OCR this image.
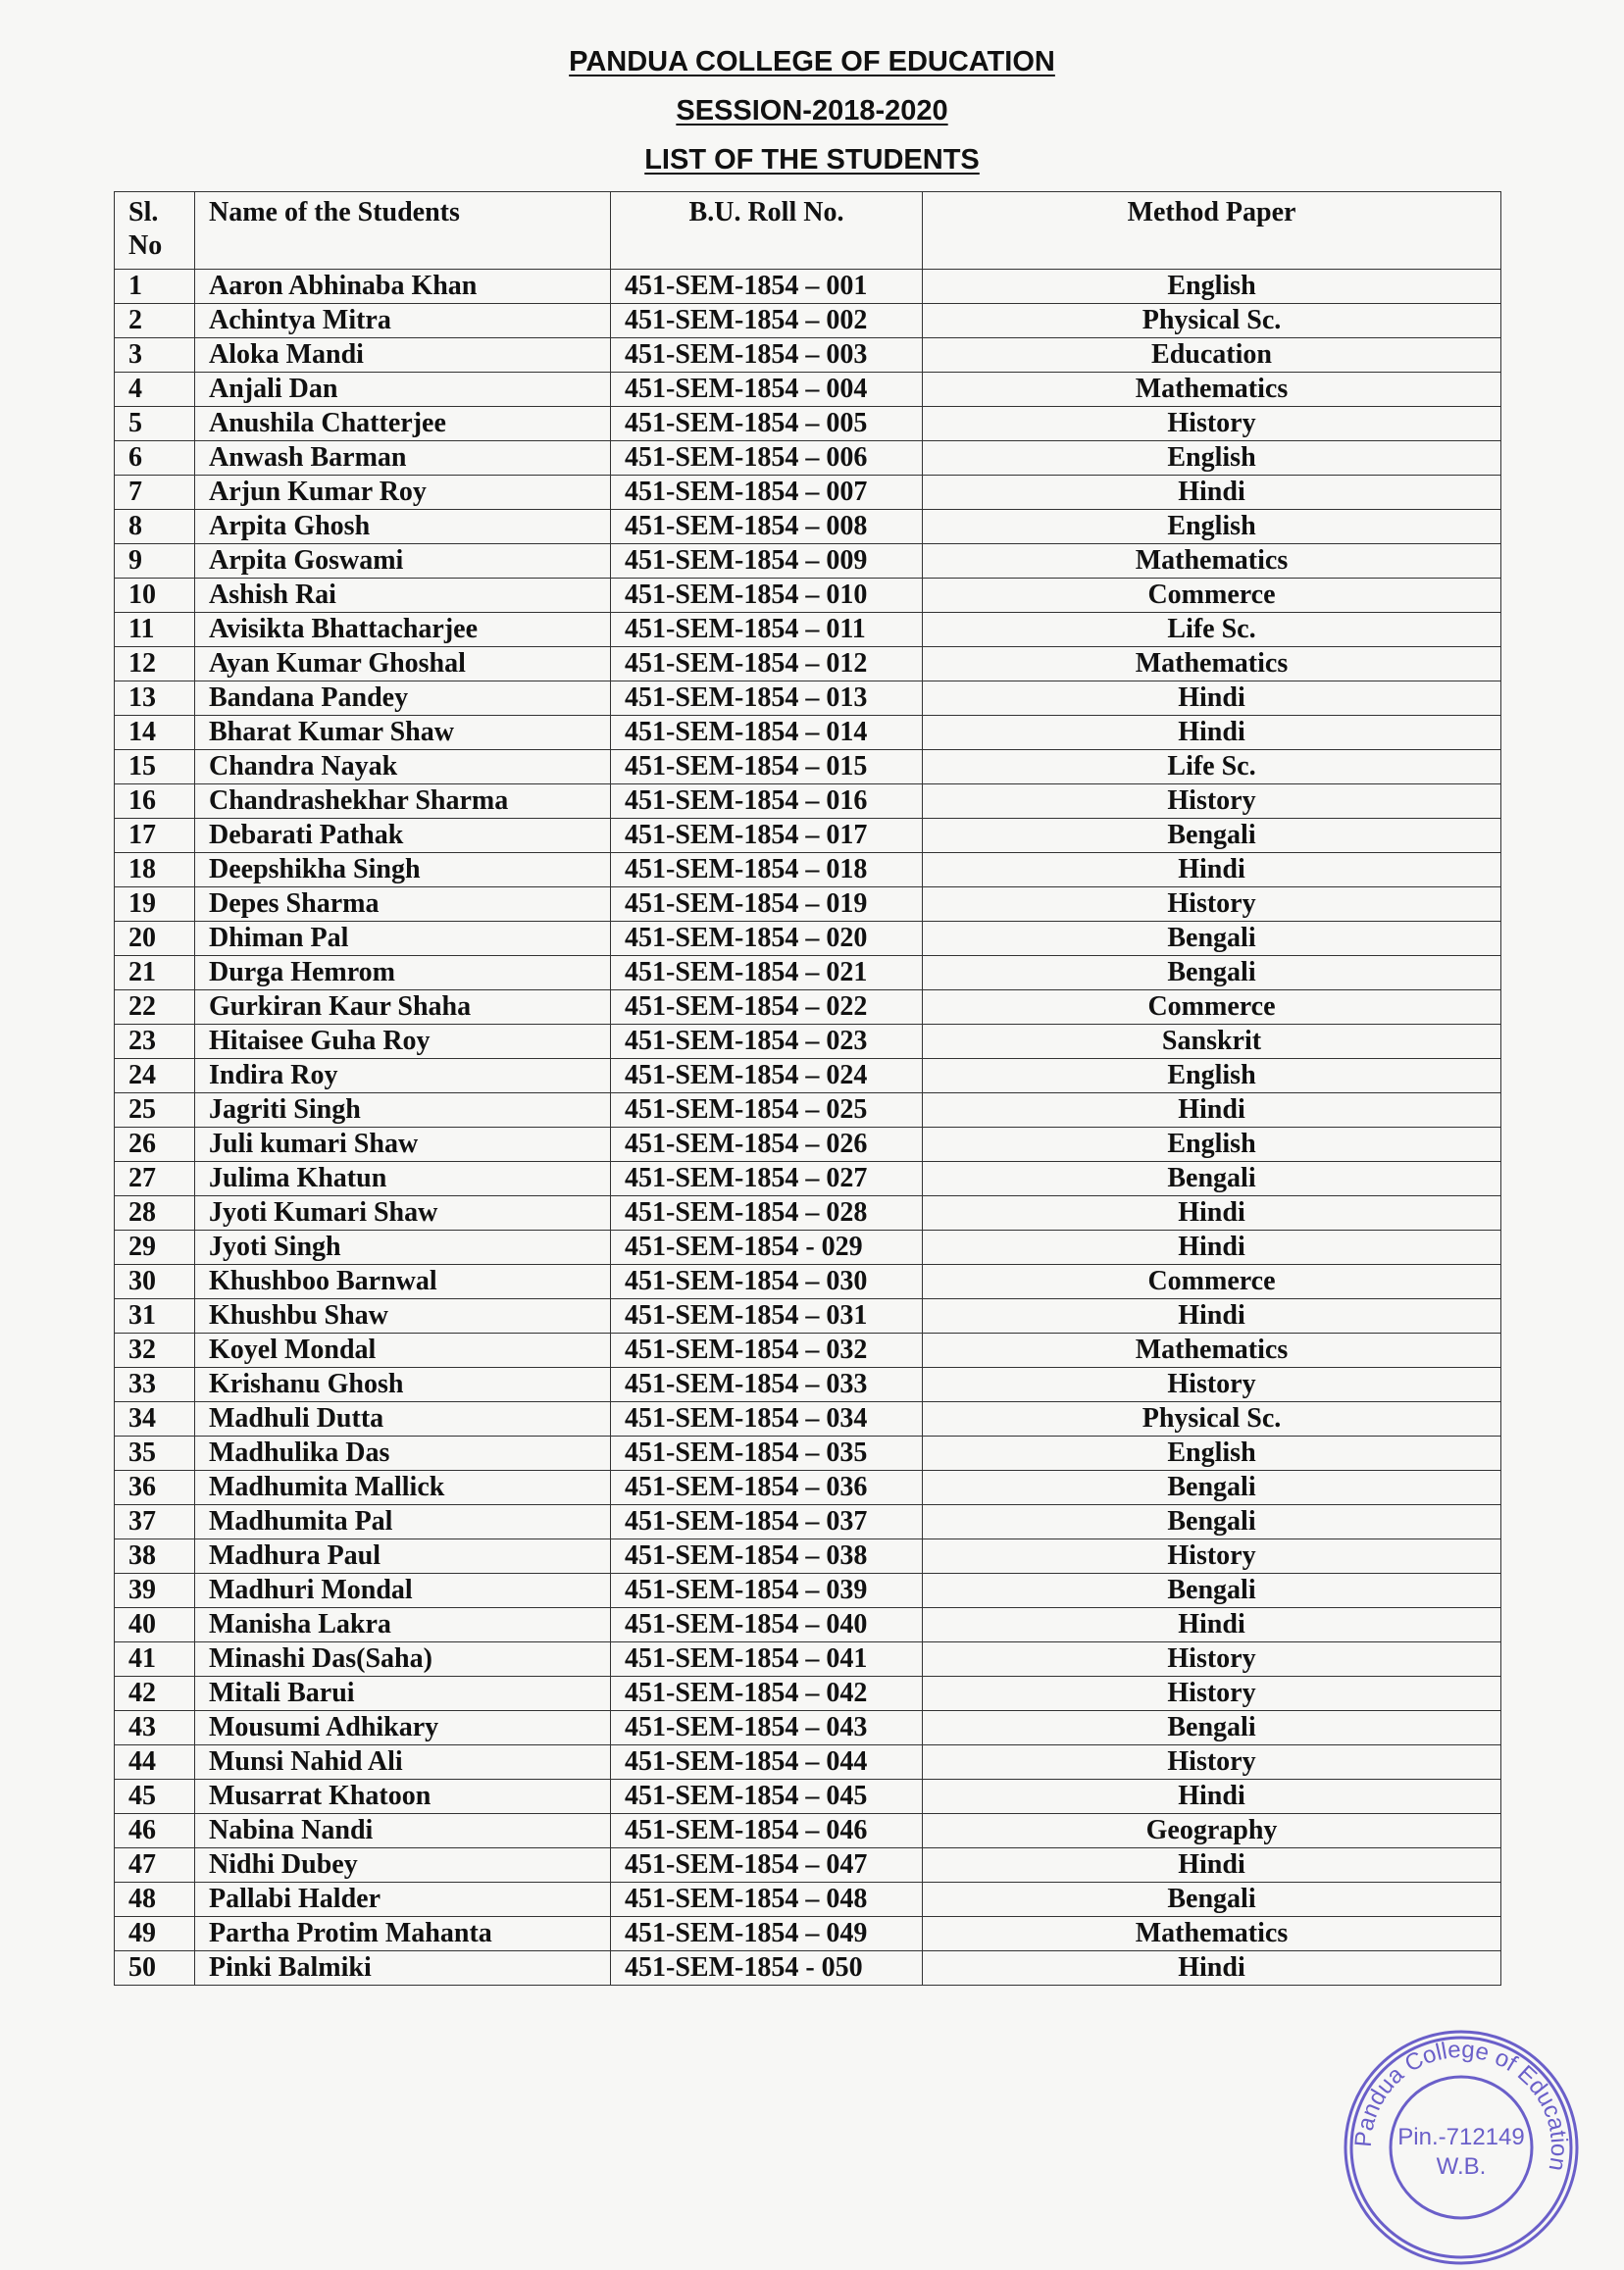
PANDUA COLLEGE OF EDUCATION
SESSION-2018-2020
LIST OF THE STUDENTS
Sl.
No	Name of the Students	B.U. Roll No.	Method Paper
1	Aaron Abhinaba Khan	451-SEM-1854 – 001	English
2	Achintya Mitra	451-SEM-1854 – 002	Physical Sc.
3	Aloka Mandi	451-SEM-1854 – 003	Education
4	Anjali Dan	451-SEM-1854 – 004	Mathematics
5	Anushila Chatterjee	451-SEM-1854 – 005	History
6	Anwash Barman	451-SEM-1854 – 006	English
7	Arjun Kumar Roy	451-SEM-1854 – 007	Hindi
8	Arpita Ghosh	451-SEM-1854 – 008	English
9	Arpita Goswami	451-SEM-1854 – 009	Mathematics
10	Ashish Rai	451-SEM-1854 – 010	Commerce
11	Avisikta Bhattacharjee	451-SEM-1854 – 011	Life Sc.
12	Ayan Kumar Ghoshal	451-SEM-1854 – 012	Mathematics
13	Bandana Pandey	451-SEM-1854 – 013	Hindi
14	Bharat Kumar Shaw	451-SEM-1854 – 014	Hindi
15	Chandra Nayak	451-SEM-1854 – 015	Life Sc.
16	Chandrashekhar Sharma	451-SEM-1854 – 016	History
17	Debarati Pathak	451-SEM-1854 – 017	Bengali
18	Deepshikha Singh	451-SEM-1854 – 018	Hindi
19	Depes Sharma	451-SEM-1854 – 019	History
20	Dhiman Pal	451-SEM-1854 – 020	Bengali
21	Durga Hemrom	451-SEM-1854 – 021	Bengali
22	Gurkiran Kaur Shaha	451-SEM-1854 – 022	Commerce
23	Hitaisee Guha Roy	451-SEM-1854 – 023	Sanskrit
24	Indira Roy	451-SEM-1854 – 024	English
25	Jagriti Singh	451-SEM-1854 – 025	Hindi
26	Juli kumari Shaw	451-SEM-1854 – 026	English
27	Julima Khatun	451-SEM-1854 – 027	Bengali
28	Jyoti Kumari Shaw	451-SEM-1854 – 028	Hindi
29	Jyoti Singh	451-SEM-1854 - 029	Hindi
30	Khushboo Barnwal	451-SEM-1854 – 030	Commerce
31	Khushbu Shaw	451-SEM-1854 – 031	Hindi
32	Koyel Mondal	451-SEM-1854 – 032	Mathematics
33	Krishanu Ghosh	451-SEM-1854 – 033	History
34	Madhuli Dutta	451-SEM-1854 – 034	Physical Sc.
35	Madhulika Das	451-SEM-1854 – 035	English
36	Madhumita Mallick	451-SEM-1854 – 036	Bengali
37	Madhumita Pal	451-SEM-1854 – 037	Bengali
38	Madhura Paul	451-SEM-1854 – 038	History
39	Madhuri Mondal	451-SEM-1854 – 039	Bengali
40	Manisha Lakra	451-SEM-1854 – 040	Hindi
41	Minashi Das(Saha)	451-SEM-1854 – 041	History
42	Mitali Barui	451-SEM-1854 – 042	History
43	Mousumi Adhikary	451-SEM-1854 – 043	Bengali
44	Munsi Nahid Ali	451-SEM-1854 – 044	History
45	Musarrat Khatoon	451-SEM-1854 – 045	Hindi
46	Nabina Nandi	451-SEM-1854 – 046	Geography
47	Nidhi Dubey	451-SEM-1854 – 047	Hindi
48	Pallabi Halder	451-SEM-1854 – 048	Bengali
49	Partha Protim Mahanta	451-SEM-1854 – 049	Mathematics
50	Pinki Balmiki	451-SEM-1854 - 050	Hindi
Pandua College of Education
Pin.-712149
W.B.
